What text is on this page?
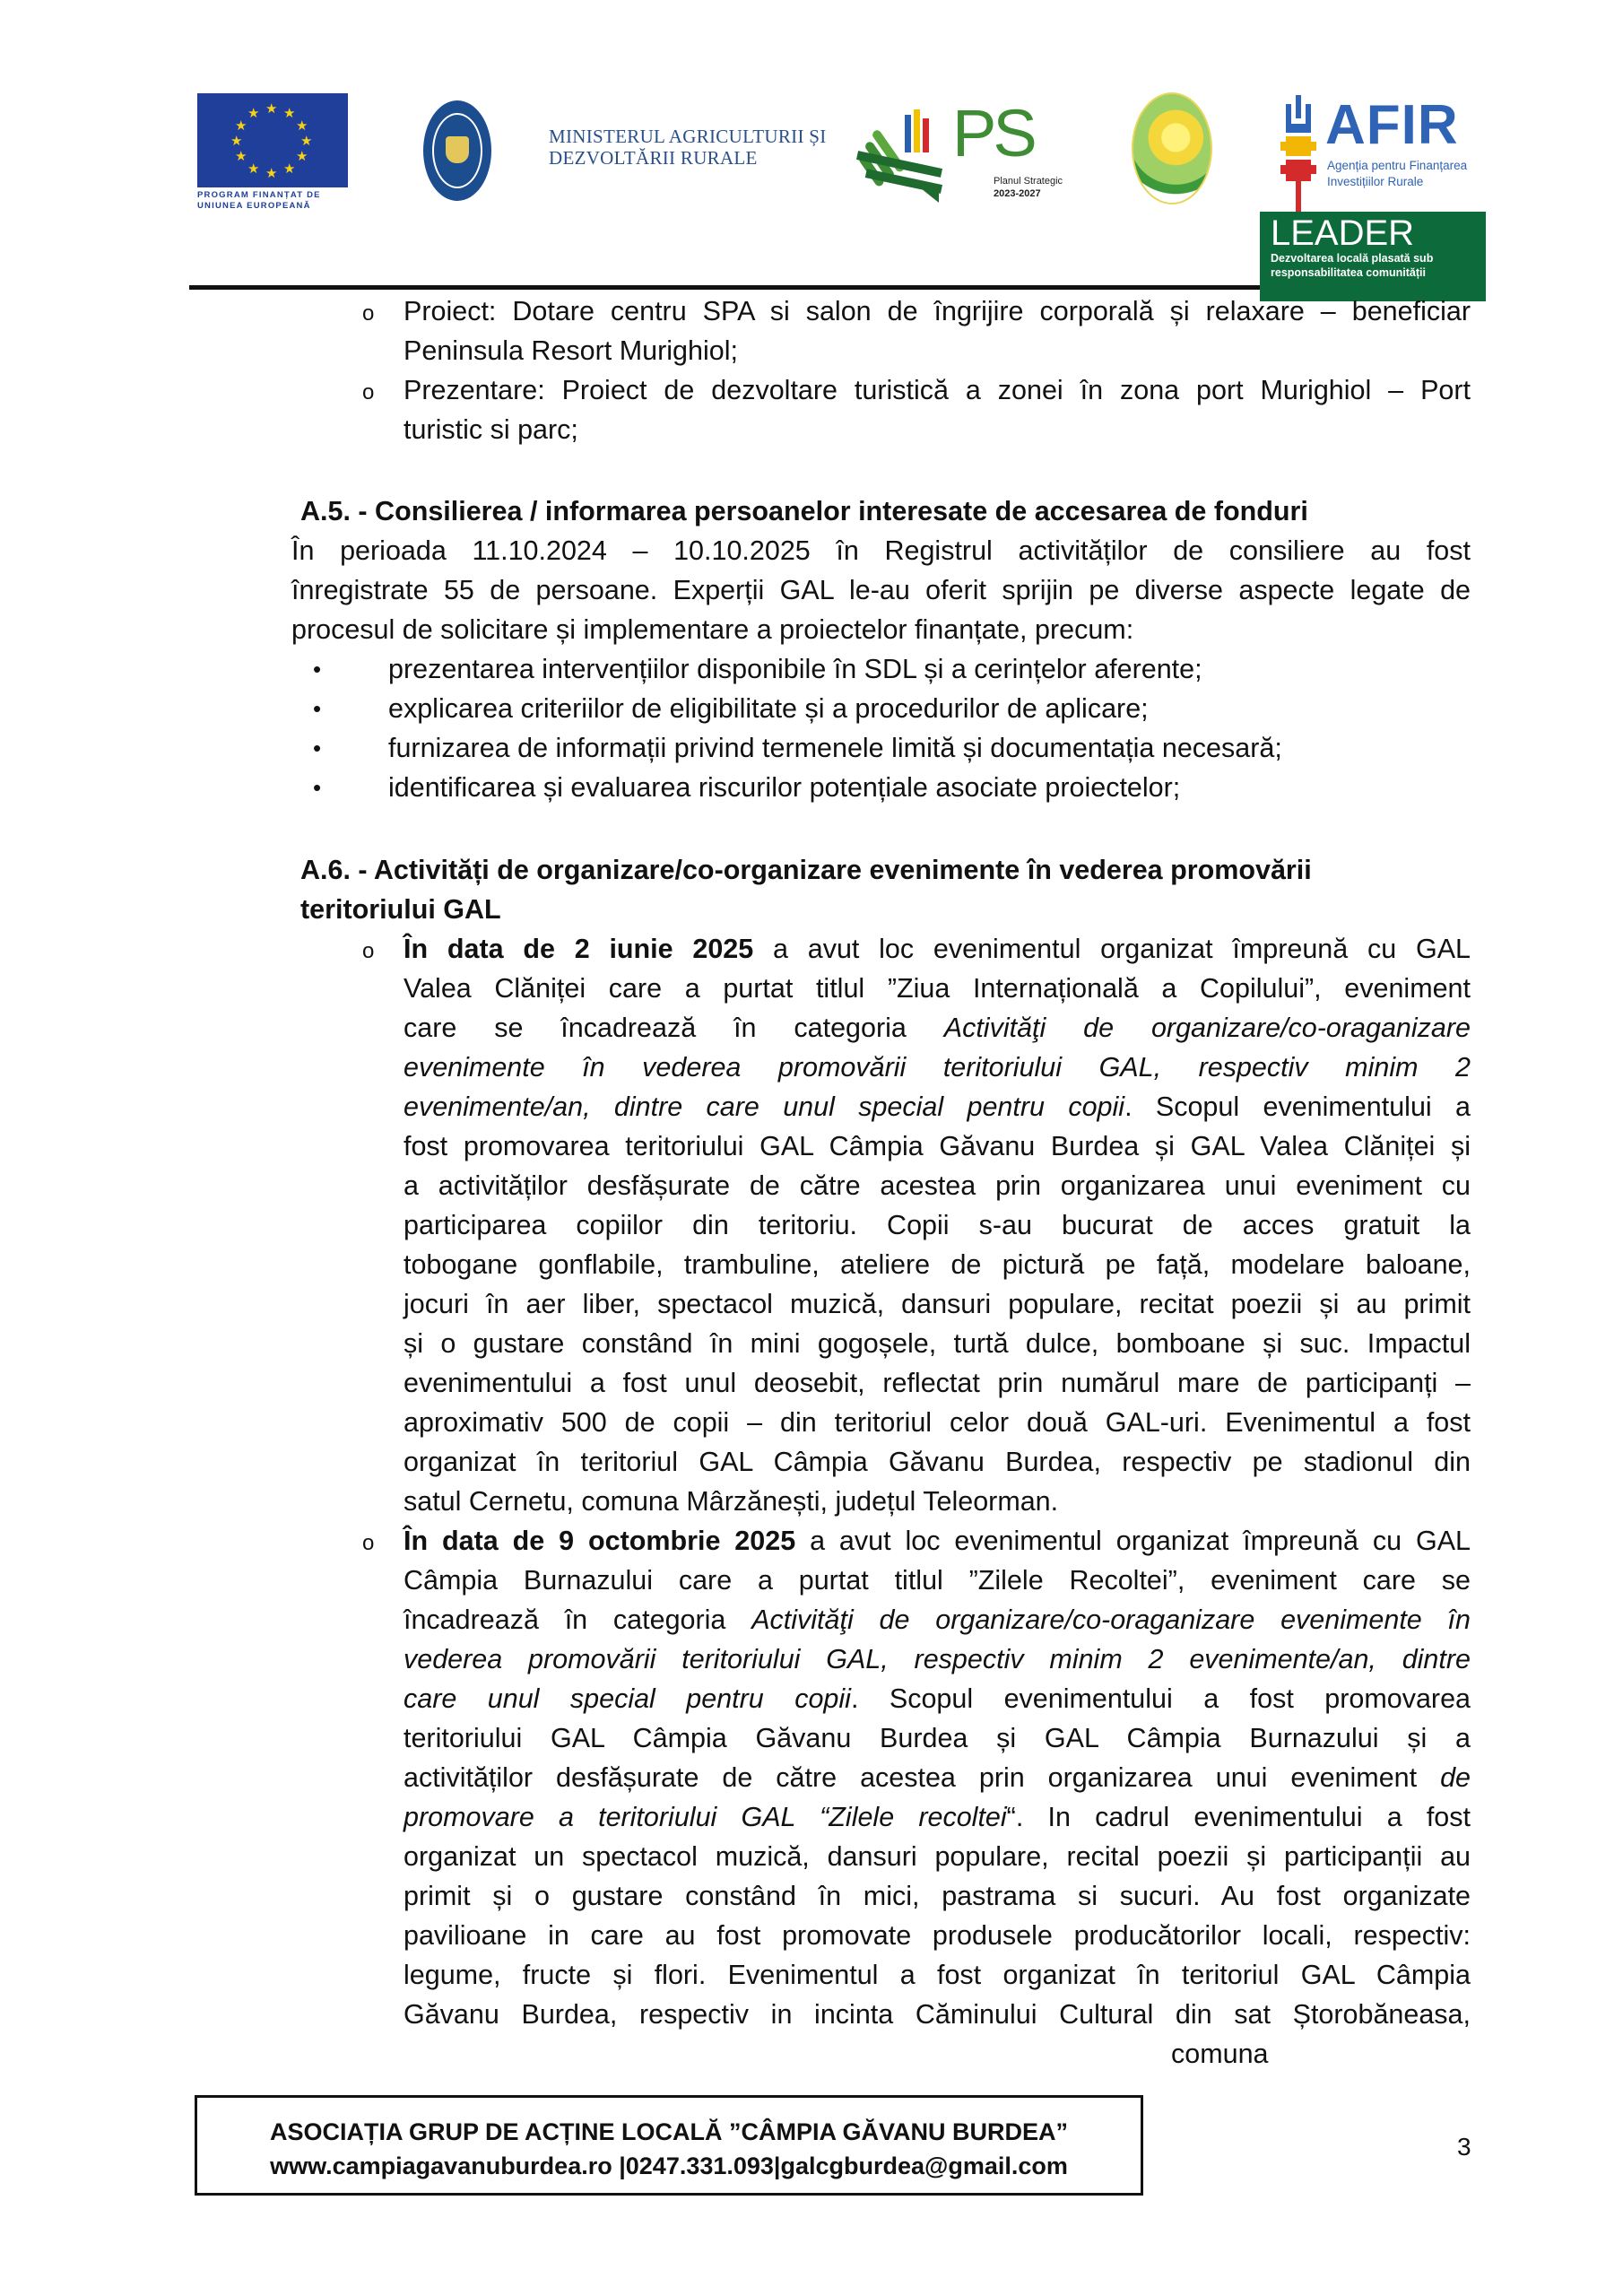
★ ★
★
★
★
★
★
★
★
★
★
★
PROGRAM FINANȚAT DE
UNIUNEA EUROPEANĂ
MINISTERUL AGRICULTURII ȘI
DEZVOLTĂRII RURALE	PS
Planul Strategic
2023-2027
AFIR
Agenția pentru Finanțarea
Investițiilor Rurale
LEADER
Dezvoltarea locală plasată sub
responsabilitatea comunității
o Proiect: Dotare centru SPA si salon de îngrijire corporală și relaxare – beneficiar
Peninsula Resort Murighiol;
o Prezentare: Proiect de dezvoltare turistică a zonei în zona port Murighiol – Port
turistic si parc;
A.5. - Consilierea / informarea persoanelor interesate de accesarea de fonduri
În perioada 11.10.2024 – 10.10.2025 în Registrul activităților de consiliere au fost
înregistrate 55 de persoane. Experții GAL le-au oferit sprijin pe diverse aspecte legate de
procesul de solicitare și implementare a proiectelor finanțate, precum:
• prezentarea intervențiilor disponibile în SDL și a cerințelor aferente;
• explicarea criteriilor de eligibilitate și a procedurilor de aplicare;
• furnizarea de informații privind termenele limită și documentația necesară;
• identificarea și evaluarea riscurilor potențiale asociate proiectelor;
A.6. - Activități de organizare/co-organizare evenimente în vederea promovării
teritoriului GAL
o În data de 2 iunie 2025 a avut loc evenimentul organizat împreună cu GAL
Valea Clăniței care a purtat titlul ”Ziua Internațională a Copilului”, eveniment
care se încadrează în categoria Activităţi de organizare/co-oraganizare
evenimente în vederea promovării teritoriului GAL, respectiv minim 2
evenimente/an, dintre care unul special pentru copii. Scopul evenimentului a
fost promovarea teritoriului GAL Câmpia Găvanu Burdea și GAL Valea Clăniței și
a activităților desfășurate de către acestea prin organizarea unui eveniment cu
participarea copiilor din teritoriu. Copii s-au bucurat de acces gratuit la
tobogane gonflabile, trambuline, ateliere de pictură pe față, modelare baloane,
jocuri în aer liber, spectacol muzică, dansuri populare, recitat poezii și au primit
și o gustare constând în mini gogoșele, turtă dulce, bomboane și suc. Impactul
evenimentului a fost unul deosebit, reflectat prin numărul mare de participanți –
aproximativ 500 de copii – din teritoriul celor două GAL-uri. Evenimentul a fost
organizat în teritoriul GAL Câmpia Găvanu Burdea, respectiv pe stadionul din
satul Cernetu, comuna Mârzănești, județul Teleorman.
o În data de 9 octombrie 2025 a avut loc evenimentul organizat împreună cu GAL
Câmpia Burnazului care a purtat titlul ”Zilele Recoltei”, eveniment care se
încadrează în categoria Activităţi de organizare/co-oraganizare evenimente în
vederea promovării teritoriului GAL, respectiv minim 2 evenimente/an, dintre
care unul special pentru copii. Scopul evenimentului a fost promovarea
teritoriului GAL Câmpia Găvanu Burdea și GAL Câmpia Burnazului și a
activităților desfășurate de către acestea prin organizarea unui eveniment de
promovare a teritoriului GAL “Zilele recoltei“. In cadrul evenimentului a fost
organizat un spectacol muzică, dansuri populare, recital poezii și participanții au
primit și o gustare constând în mici, pastrama si sucuri. Au fost organizate
pavilioane in care au fost promovate produsele producătorilor locali, respectiv:
legume, fructe și flori. Evenimentul a fost organizat în teritoriul GAL Câmpia
Găvanu Burdea, respectiv in incinta Căminului Cultural din sat Ștorobăneasa,
comuna
ASOCIAȚIA GRUP DE ACȚINE LOCALĂ ”CÂMPIA GĂVANU BURDEA”
www.campiagavanuburdea.ro |0247.331.093|galcgburdea@gmail.com
3
